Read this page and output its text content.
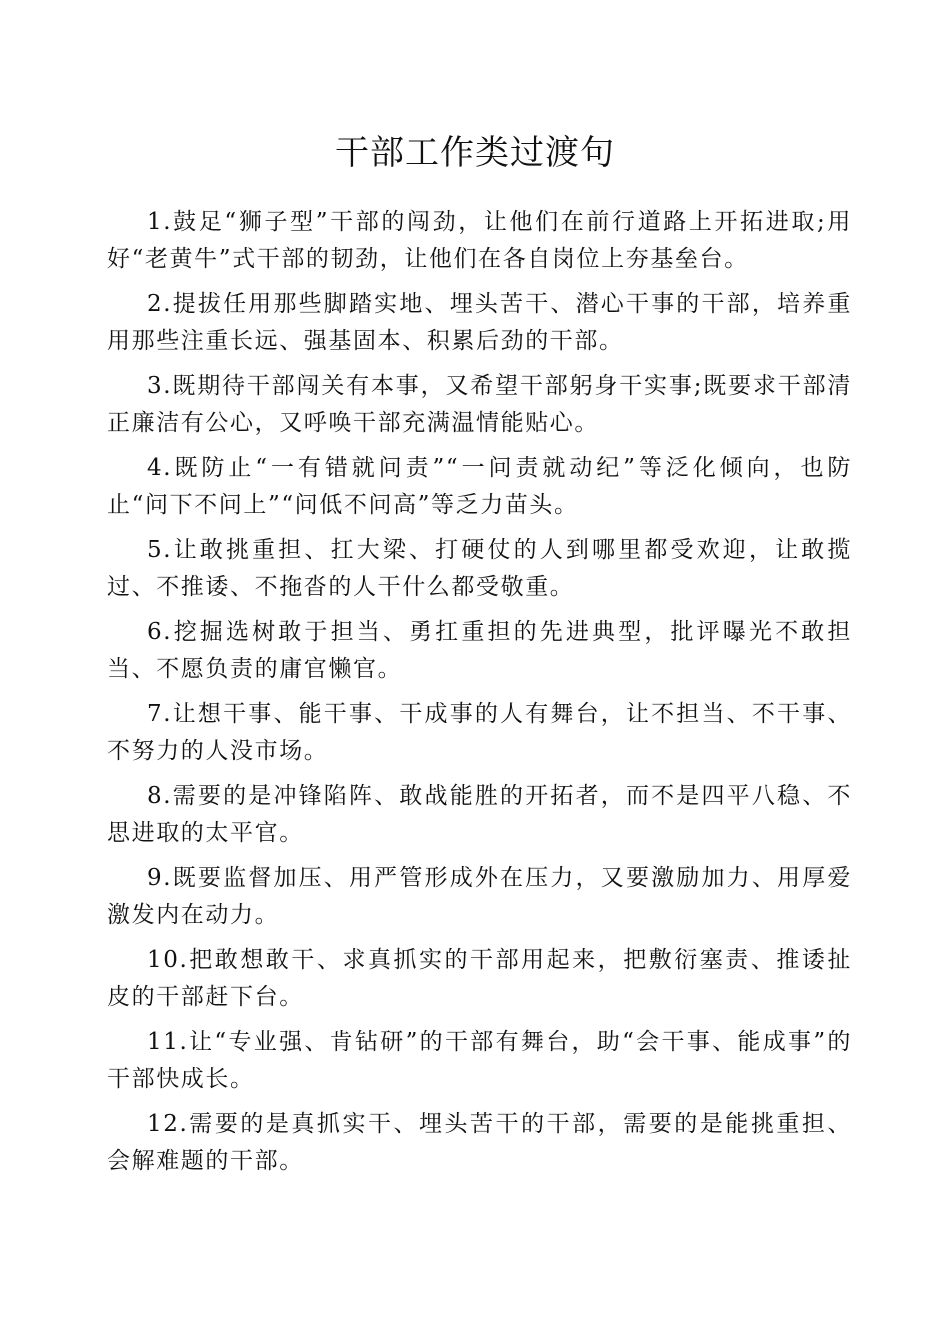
干部工作类过渡句

1.鼓足“狮子型”干部的闯劲，让他们在前行道路上开拓进取;用好“老黄牛”式干部的韧劲，让他们在各自岗位上夯基垒台。

2.提拔任用那些脚踏实地、埋头苦干、潜心干事的干部，培养重用那些注重长远、强基固本、积累后劲的干部。

3.既期待干部闯关有本事，又希望干部躬身干实事;既要求干部清正廉洁有公心，又呼唤干部充满温情能贴心。

4.既防止“一有错就问责”“一问责就动纪”等泛化倾向，也防止“问下不问上”“问低不问高”等乏力苗头。

5.让敢挑重担、扛大梁、打硬仗的人到哪里都受欢迎，让敢揽过、不推诿、不拖沓的人干什么都受敬重。

6.挖掘选树敢于担当、勇扛重担的先进典型，批评曝光不敢担当、不愿负责的庸官懒官。

7.让想干事、能干事、干成事的人有舞台，让不担当、不干事、不努力的人没市场。

8.需要的是冲锋陷阵、敢战能胜的开拓者，而不是四平八稳、不思进取的太平官。

9.既要监督加压、用严管形成外在压力，又要激励加力、用厚爱激发内在动力。

10.把敢想敢干、求真抓实的干部用起来，把敷衍塞责、推诿扯皮的干部赶下台。

11.让“专业强、肯钻研”的干部有舞台，助“会干事、能成事”的干部快成长。

12.需要的是真抓实干、埋头苦干的干部，需要的是能挑重担、会解难题的干部。
